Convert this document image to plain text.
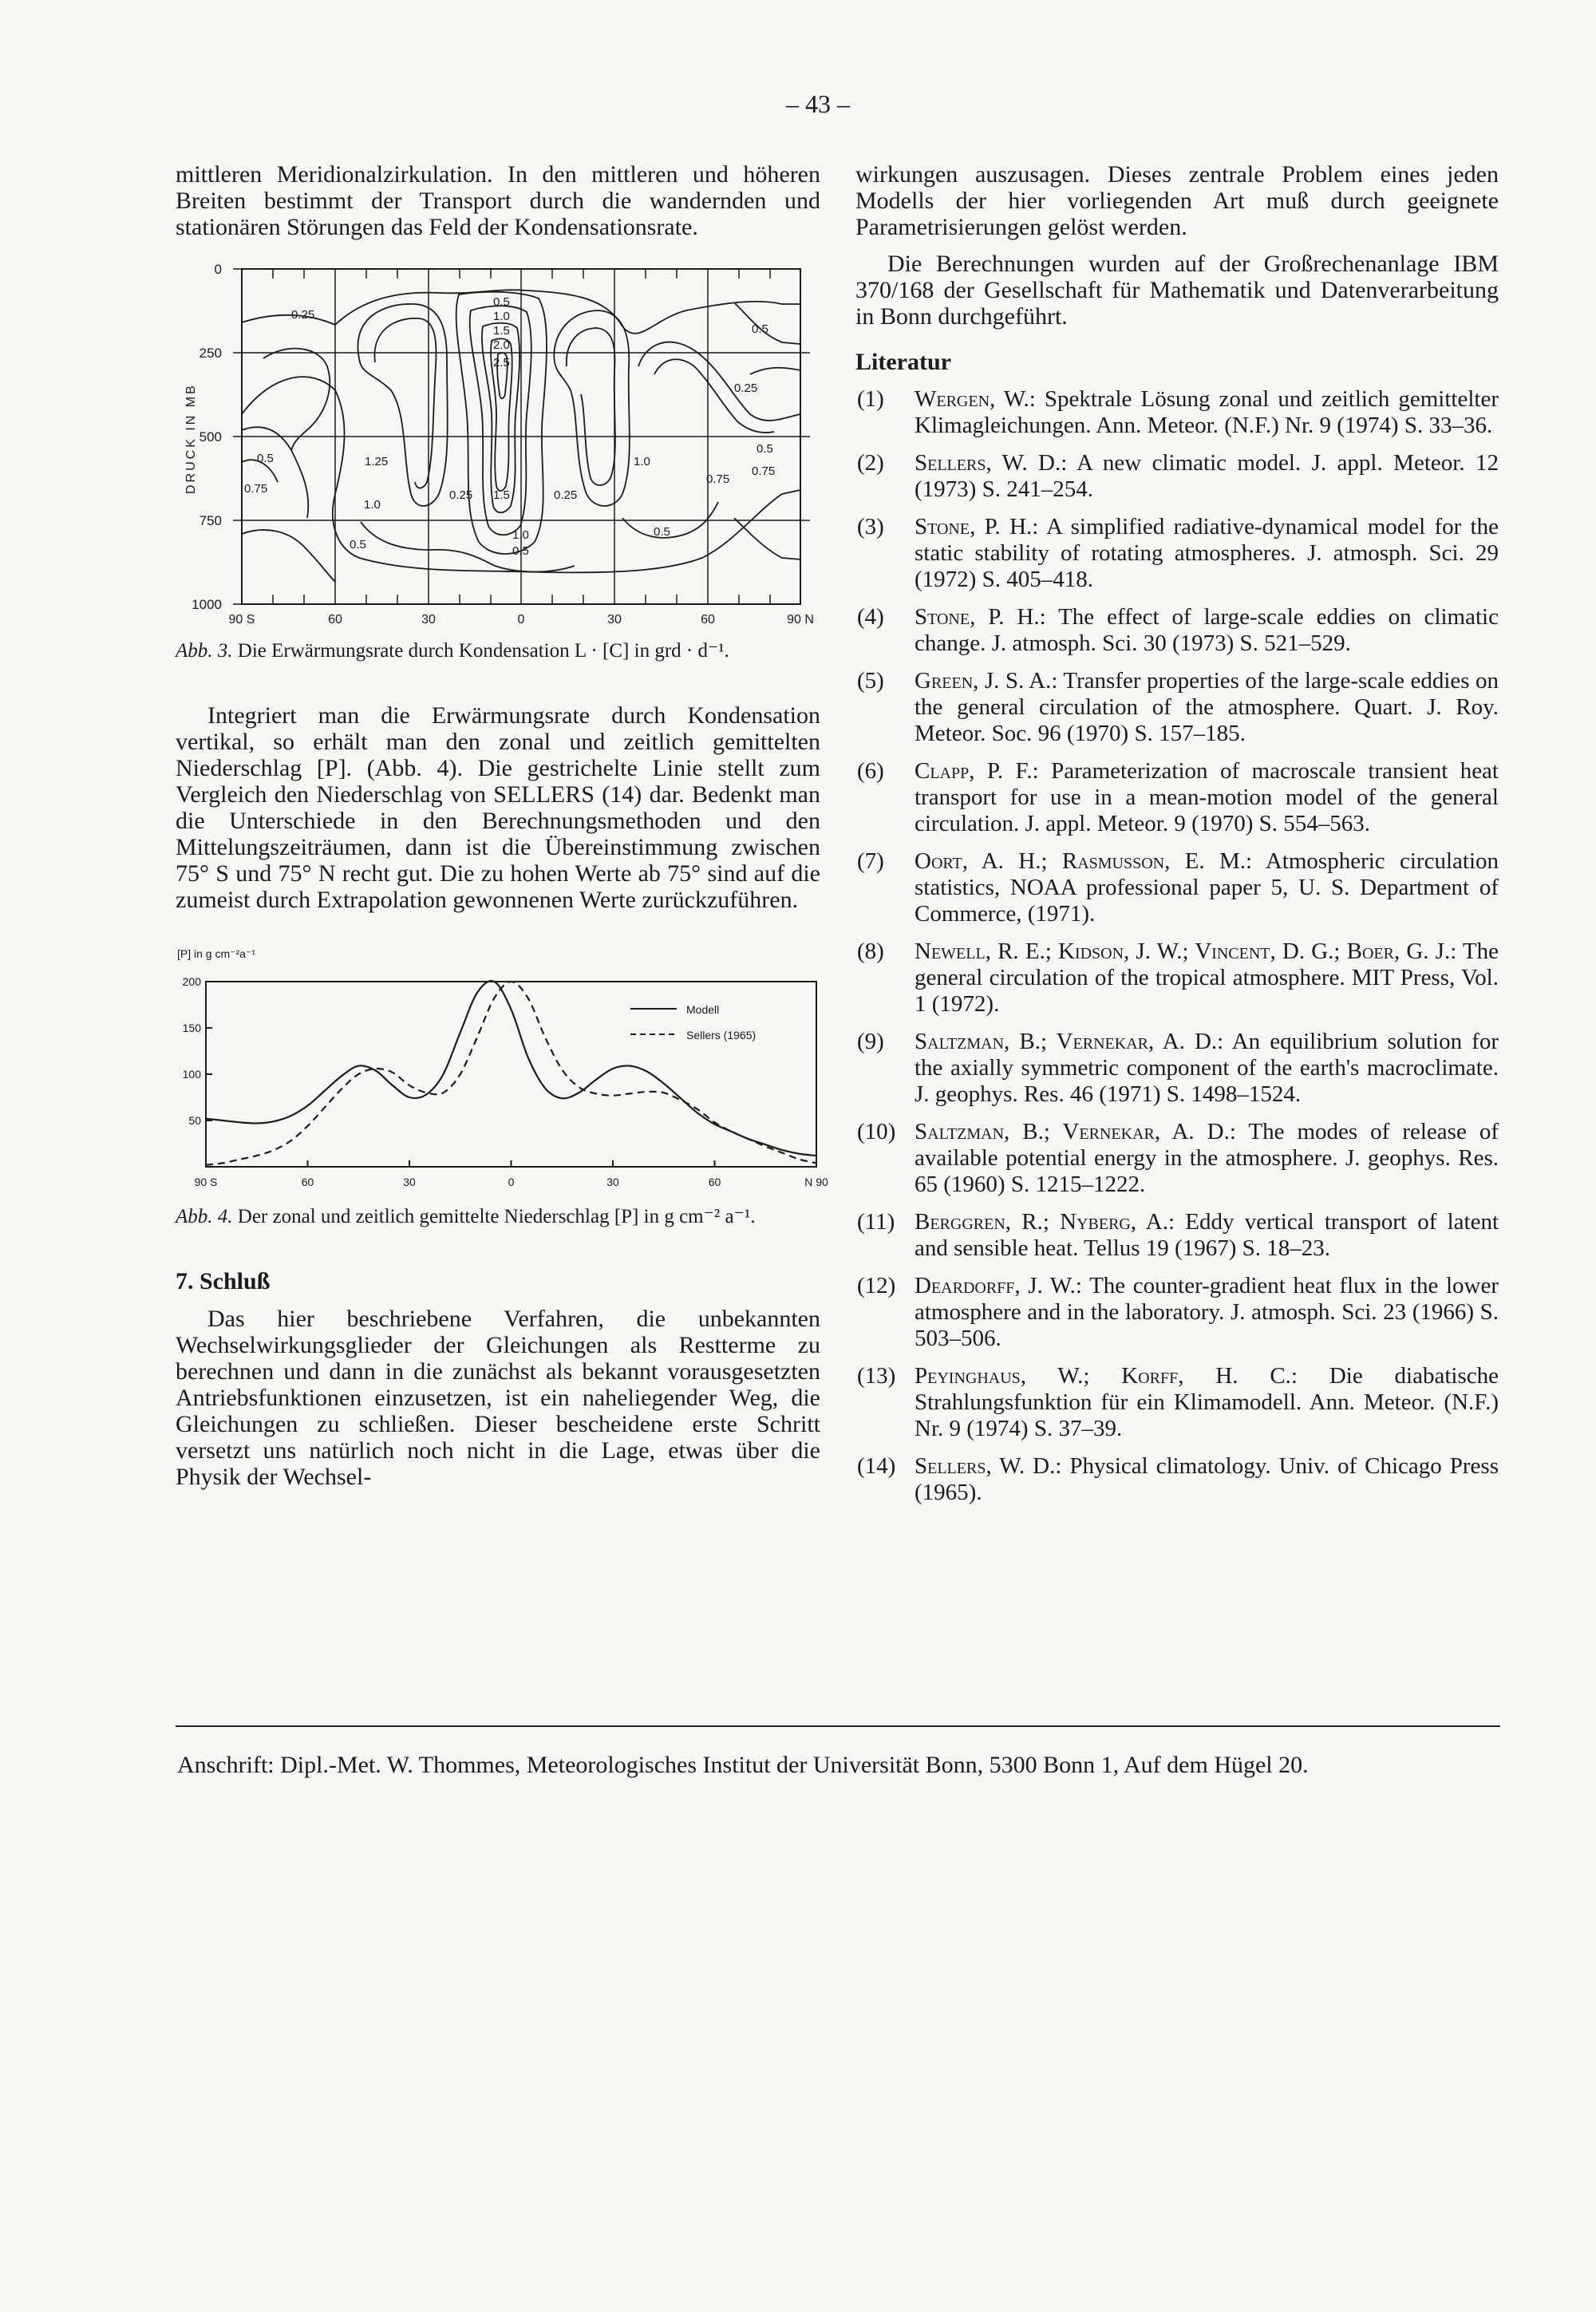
– 43 –

mittleren Meridionalzirkulation. In den mittleren und höheren Breiten bestimmt der Transport durch die wandernden und stationären Störungen das Feld der Kondensationsrate.

0
250
500
750
1000
90 S	60	30	0	30	60	90 N
DRUCK IN MB
0.25
0.5
1.0
1.5
2.0
2.5
0.5
0.25
0.5
0.75
0.5
0.75
1.25	1.0
1.0
0.25 1.5	0.25
1.0	0.5
0.5	0.5
0.75
Abb. 3. Die Erwärmungsrate durch Kondensation L · [C] in grd · d⁻¹.

Integriert man die Erwärmungsrate durch Kondensation vertikal, so erhält man den zonal und zeitlich gemittelten Niederschlag [P]. (Abb. 4). Die gestrichelte Linie stellt zum Vergleich den Niederschlag von SELLERS (14) dar. Bedenkt man die Unterschiede in den Berechnungsmethoden und den Mittelungszeiträumen, dann ist die Übereinstimmung zwischen 75° S und 75° N recht gut. Die zu hohen Werte ab 75° sind auf die zumeist durch Extrapolation gewonnenen Werte zurückzuführen.

[P] in g cm⁻²a⁻¹
90 S	60	30	0	30	60	N 90
50
100
150
200
Modell
Sellers (1965)
Abb. 4. Der zonal und zeitlich gemittelte Niederschlag [P] in g cm⁻² a⁻¹.
7. Schluß

Das hier beschriebene Verfahren, die unbekannten Wechselwirkungsglieder der Gleichungen als Restterme zu berechnen und dann in die zunächst als bekannt vorausgesetzten Antriebsfunktionen einzusetzen, ist ein naheliegender Weg, die Gleichungen zu schließen. Dieser bescheidene erste Schritt versetzt uns natürlich noch nicht in die Lage, etwas über die Physik der Wechsel-

wirkungen auszusagen. Dieses zentrale Problem eines jeden Modells der hier vorliegenden Art muß durch geeignete Parametrisierungen gelöst werden.

Die Berechnungen wurden auf der Großrechenanlage IBM 370/168 der Gesellschaft für Mathematik und Datenverarbeitung in Bonn durchgeführt.

Literatur
(1) Wergen, W.: Spektrale Lösung zonal und zeitlich gemittelter Klimagleichungen. Ann. Meteor. (N.F.) Nr. 9 (1974) S. 33–36.
(2) Sellers, W. D.: A new climatic model. J. appl. Meteor. 12 (1973) S. 241–254.
(3) Stone, P. H.: A simplified radiative-dynamical model for the static stability of rotating atmospheres. J. atmosph. Sci. 29 (1972) S. 405–418.
(4) Stone, P. H.: The effect of large-scale eddies on climatic change. J. atmosph. Sci. 30 (1973) S. 521–529.
(5) Green, J. S. A.: Transfer properties of the large-scale eddies on the general circulation of the atmosphere. Quart. J. Roy. Meteor. Soc. 96 (1970) S. 157–185.
(6) Clapp, P. F.: Parameterization of macroscale transient heat transport for use in a mean-motion model of the general circulation. J. appl. Meteor. 9 (1970) S. 554–563.
(7) Oort, A. H.; Rasmusson, E. M.: Atmospheric circulation statistics, NOAA professional paper 5, U. S. Department of Commerce, (1971).
(8) Newell, R. E.; Kidson, J. W.; Vincent, D. G.; Boer, G. J.: The general circulation of the tropical atmosphere. MIT Press, Vol. 1 (1972).
(9) Saltzman, B.; Vernekar, A. D.: An equilibrium solution for the axially symmetric component of the earth's macroclimate. J. geophys. Res. 46 (1971) S. 1498–1524.
(10) Saltzman, B.; Vernekar, A. D.: The modes of release of available potential energy in the atmosphere. J. geophys. Res. 65 (1960) S. 1215–1222.
(11) Berggren, R.; Nyberg, A.: Eddy vertical transport of latent and sensible heat. Tellus 19 (1967) S. 18–23.
(12) Deardorff, J. W.: The counter-gradient heat flux in the lower atmosphere and in the laboratory. J. atmosph. Sci. 23 (1966) S. 503–506.
(13) Peyinghaus, W.; Korff, H. C.: Die diabatische Strahlungsfunktion für ein Klimamodell. Ann. Meteor. (N.F.) Nr. 9 (1974) S. 37–39.
(14) Sellers, W. D.: Physical climatology. Univ. of Chicago Press (1965).
Anschrift: Dipl.-Met. W. Thommes, Meteorologisches Institut der Universität Bonn, 5300 Bonn 1, Auf dem Hügel 20.
